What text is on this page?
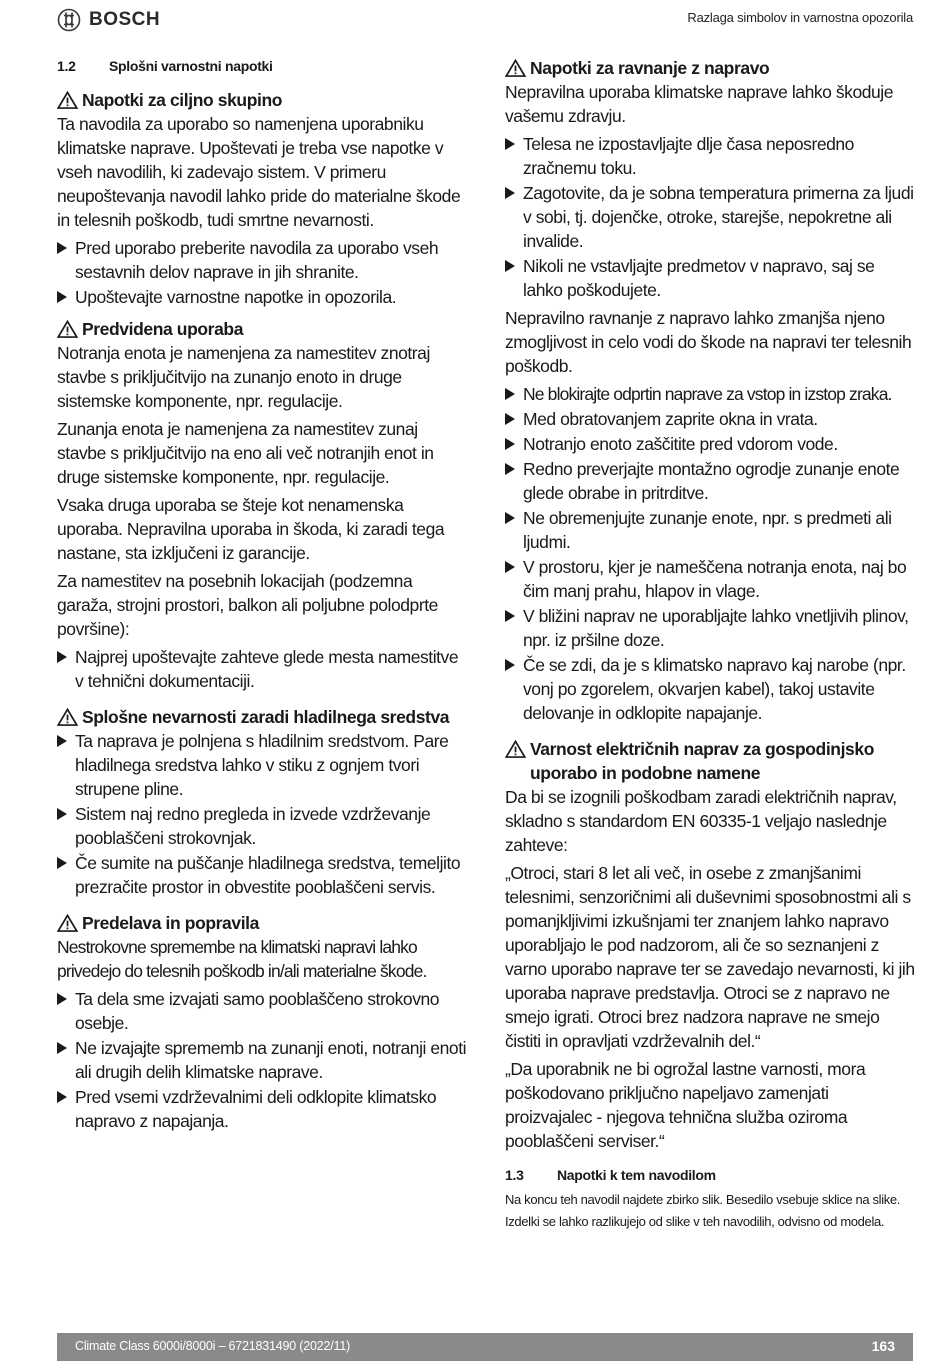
BOSCH	Razlaga simbolov in varnostna opozorila
1.2 Splošni varnostni napotki
Napotki za ciljno skupino

Ta navodila za uporabo so namenjena uporabniku klimatske naprave. Upoštevati je treba vse napotke v vseh navodilih, ki zadevajo sistem. V primeru neupoštevanja navodil lahko pride do materialne škode in telesnih poškodb, tudi smrtne nevarnosti.

Pred uporabo preberite navodila za uporabo vseh sestavnih delov naprave in jih shranite.
Upoštevajte varnostne napotke in opozorila.
Predvidena uporaba

Notranja enota je namenjena za namestitev znotraj stavbe s priključitvijo na zunanjo enoto in druge sistemske komponente, npr. regulacije.

Zunanja enota je namenjena za namestitev zunaj stavbe s priključitvijo na eno ali več notranjih enot in druge sistemske komponente, npr. regulacije.

Vsaka druga uporaba se šteje kot nenamenska uporaba. Nepravilna uporaba in škoda, ki zaradi tega nastane, sta izključeni iz garancije.

Za namestitev na posebnih lokacijah (podzemna garaža, strojni prostori, balkon ali poljubne polodprte površine):

Najprej upoštevajte zahteve glede mesta namestitve v tehnični dokumentaciji.
Splošne nevarnosti zaradi hladilnega sredstva
Ta naprava je polnjena s hladilnim sredstvom. Pare hladilnega sredstva lahko v stiku z ognjem tvori strupene pline.
Sistem naj redno pregleda in izvede vzdrževanje pooblaščeni strokovnjak.
Če sumite na puščanje hladilnega sredstva, temeljito prezračite prostor in obvestite pooblaščeni servis.
Predelava in popravila

Nestrokovne spremembe na klimatski napravi lahko privedejo do telesnih poškodb in/ali materialne škode.

Ta dela sme izvajati samo pooblaščeno strokovno osebje.
Ne izvajajte sprememb na zunanji enoti, notranji enoti ali drugih delih klimatske naprave.
Pred vsemi vzdrževalnimi deli odklopite klimatsko napravo z napajanja.
Napotki za ravnanje z napravo

Nepravilna uporaba klimatske naprave lahko škoduje vašemu zdravju.

Telesa ne izpostavljajte dlje časa neposredno zračnemu toku.
Zagotovite, da je sobna temperatura primerna za ljudi v sobi, tj. dojenčke, otroke, starejše, nepokretne ali invalide.
Nikoli ne vstavljajte predmetov v napravo, saj se lahko poškodujete.

Nepravilno ravnanje z napravo lahko zmanjša njeno zmogljivost in celo vodi do škode na napravi ter telesnih poškodb.

Ne blokirajte odprtin naprave za vstop in izstop zraka.
Med obratovanjem zaprite okna in vrata.
Notranjo enoto zaščitite pred vdorom vode.
Redno preverjajte montažno ogrodje zunanje enote glede obrabe in pritrditve.
Ne obremenjujte zunanje enote, npr. s predmeti ali ljudmi.
V prostoru, kjer je nameščena notranja enota, naj bo čim manj prahu, hlapov in vlage.
V bližini naprav ne uporabljajte lahko vnetljivih plinov, npr. iz pršilne doze.
Če se zdi, da je s klimatsko napravo kaj narobe (npr. vonj po zgorelem, okvarjen kabel), takoj ustavite delovanje in odklopite napajanje.
Varnost električnih naprav za gospodinjsko uporabo in podobne namene

Da bi se izognili poškodbam zaradi električnih naprav, skladno s standardom EN 60335-1 veljajo naslednje zahteve:

„Otroci, stari 8 let ali več, in osebe z zmanjšanimi telesnimi, senzoričnimi ali duševnimi sposobnostmi ali s pomanjkljivimi izkušnjami ter znanjem lahko napravo uporabljajo le pod nadzorom, ali če so seznanjeni z varno uporabo naprave ter se zavedajo nevarnosti, ki jih uporaba naprave predstavlja. Otroci se z napravo ne smejo igrati. Otroci brez nadzora naprave ne smejo čistiti in opravljati vzdrževalnih del.“

„Da uporabnik ne bi ogrožal lastne varnosti, mora poškodovano priključno napeljavo zamenjati proizvajalec - njegova tehnična služba oziroma pooblaščeni serviser.“

1.3 Napotki k tem navodilom

Na koncu teh navodil najdete zbirko slik. Besedilo vsebuje sklice na slike.

Izdelki se lahko razlikujejo od slike v teh navodilih, odvisno od modela.

Climate Class 6000i/8000i – 6721831490 (2022/11)	163
